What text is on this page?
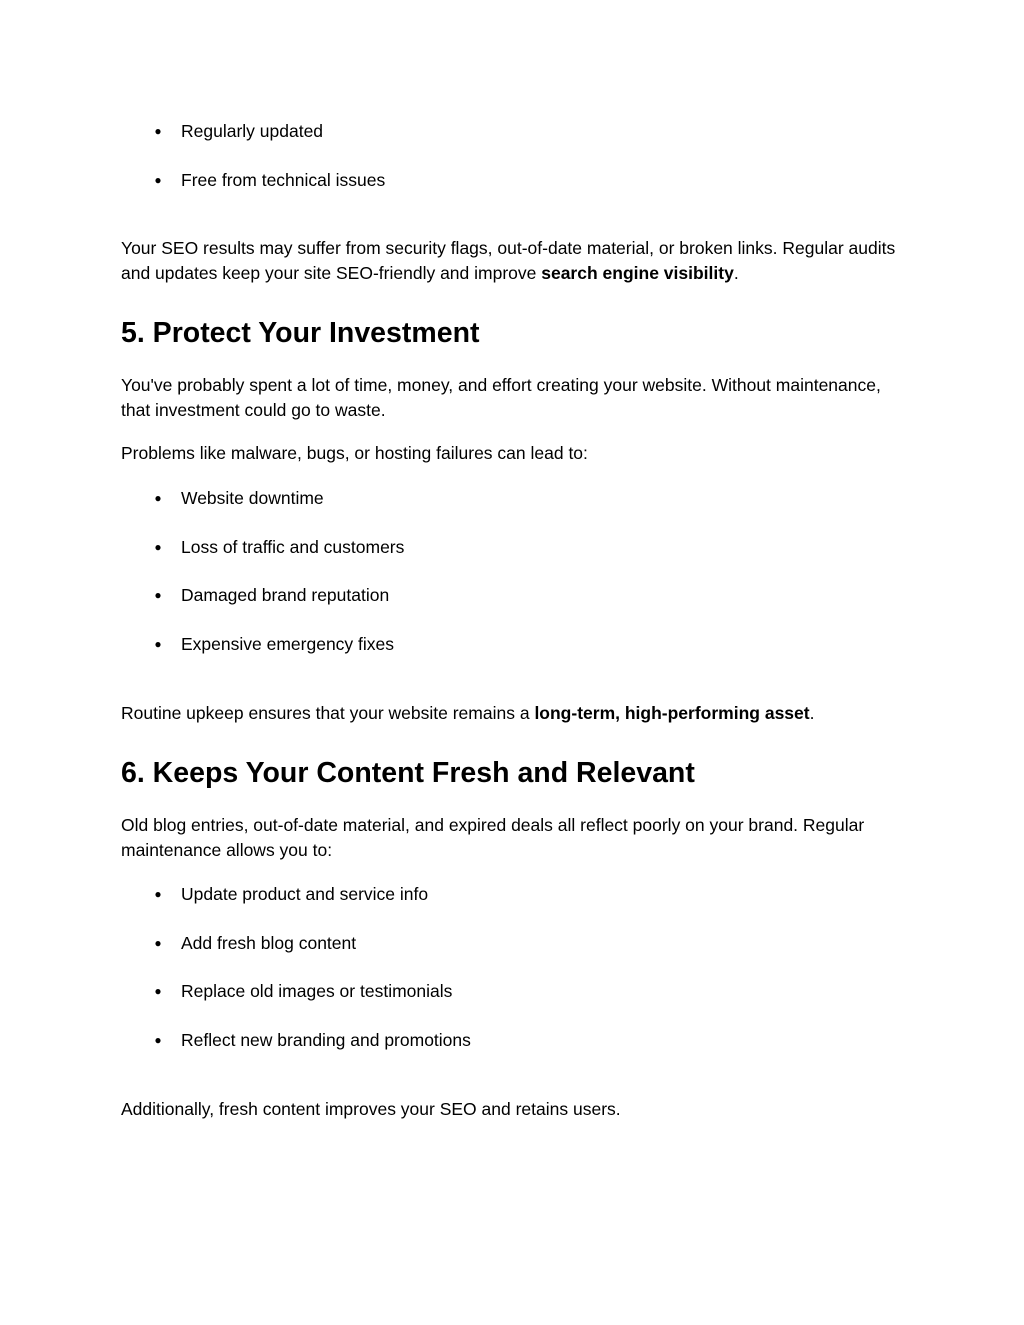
● Regularly updated
● Free from technical issues

Your SEO results may suffer from security flags, out-of-date material, or broken links. Regular audits and updates keep your site SEO-friendly and improve search engine visibility.

5. Protect Your Investment

You've probably spent a lot of time, money, and effort creating your website. Without maintenance, that investment could go to waste.

Problems like malware, bugs, or hosting failures can lead to:

● Website downtime
● Loss of traffic and customers
● Damaged brand reputation
● Expensive emergency fixes

Routine upkeep ensures that your website remains a long-term, high-performing asset.

6. Keeps Your Content Fresh and Relevant

Old blog entries, out-of-date material, and expired deals all reflect poorly on your brand. Regular maintenance allows you to:

● Update product and service info
● Add fresh blog content
● Replace old images or testimonials
● Reflect new branding and promotions

Additionally, fresh content improves your SEO and retains users.
